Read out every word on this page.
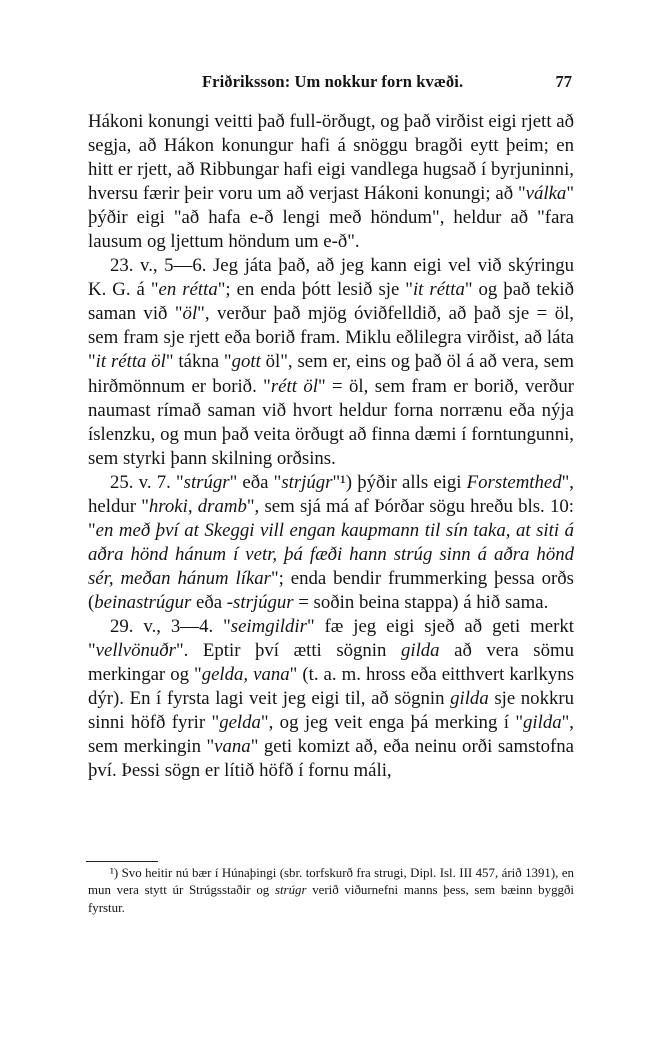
Friðriksson: Um nokkur forn kvæði.	77

Hákoni konungi veitti það full-örðugt, og það virðist eigi rjett að segja, að Hákon konungur hafi á snöggu bragði eytt þeim; en hitt er rjett, að Ribbungar hafi eigi vandlega hugsað í byrjuninni, hversu færir þeir voru um að verjast Hákoni konungi; að "válka" þýðir eigi "að hafa e-ð lengi með höndum", heldur að "fara lausum og ljettum höndum um e-ð".

23. v., 5—6. Jeg játa það, að jeg kann eigi vel við skýringu K. G. á "en rétta"; en enda þótt lesið sje "it rétta" og það tekið saman við "öl", verður það mjög óviðfelldið, að það sje = öl, sem fram sje rjett eða borið fram. Miklu eðlilegra virðist, að láta "it rétta öl" tákna "gott öl", sem er, eins og það öl á að vera, sem hirðmönnum er borið. "rétt öl" = öl, sem fram er borið, verður naumast rímað saman við hvort heldur forna norrænu eða nýja íslenzku, og mun það veita örðugt að finna dæmi í forntungunni, sem styrki þann skilning orðsins.

25. v. 7. "strúgr" eða "strjúgr"¹) þýðir alls eigi Forstemthed", heldur "hroki, dramb", sem sjá má af Þórðar sögu hreðu bls. 10: "en með því at Skeggi vill engan kaupmann til sín taka, at siti á aðra hönd hánum í vetr, þá fæði hann strúg sinn á aðra hönd sér, meðan hánum líkar"; enda bendir frummerking þessa orðs (beinastrúgur eða -strjúgur = soðin beina stappa) á hið sama.

29. v., 3—4. "seimgildir" fæ jeg eigi sjeð að geti merkt "vellvönuðr". Eptir því ætti sögnin gilda að vera sömu merkingar og "gelda, vana" (t. a. m. hross eða eitthvert karlkyns dýr). En í fyrsta lagi veit jeg eigi til, að sögnin gilda sje nokkru sinni höfð fyrir "gelda", og jeg veit enga þá merking í "gilda", sem merkingin "vana" geti komizt að, eða neinu orði samstofna því. Þessi sögn er lítið höfð í fornu máli,

¹) Svo heitir nú bær í Húnaþingi (sbr. torfskurð fra strugi, Dipl. Isl. III 457, árið 1391), en mun vera stytt úr Strúgsstaðir og strúgr verið viðurnefni manns þess, sem bæinn byggði fyrstur.
